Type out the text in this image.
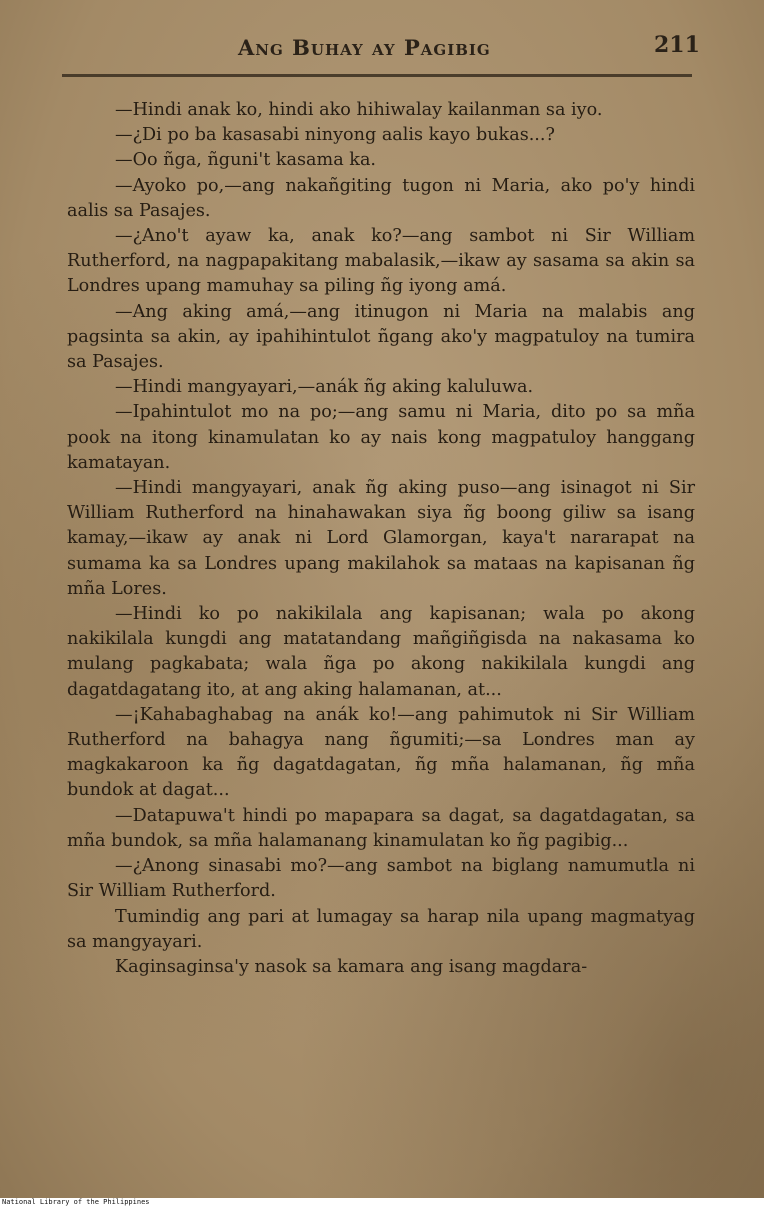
Ang Buhay ay Pagibig	211

—Hindi anak ko, hindi ako hihiwalay kailanman sa iyo.

—¿Di po ba kasasabi ninyong aalis kayo bukas...?

—Oo ñga, ñguni't kasama ka.

—Ayoko po,—ang nakañgiting tugon ni Maria, ako po'y hindi aalis sa Pasajes.

—¿Ano't ayaw ka, anak ko?—ang sambot ni Sir William Rutherford, na nagpapakitang mabalasik,—ikaw ay sasama sa akin sa Londres upang mamuhay sa piling ñg iyong amá.

—Ang aking amá,—ang itinugon ni Maria na malabis ang pagsinta sa akin, ay ipahihintulot ñgang ako'y magpatuloy na tumira sa Pasajes.

—Hindi mangyayari,—anák ñg aking kaluluwa.

—Ipahintulot mo na po;—ang samu ni Maria, dito po sa mña pook na itong kinamulatan ko ay nais kong magpatuloy hanggang kamatayan.

—Hindi mangyayari, anak ñg aking puso—ang isinagot ni Sir William Rutherford na hinahawakan siya ñg boong giliw sa isang kamay,—ikaw ay anak ni Lord Glamorgan, kaya't nararapat na sumama ka sa Londres upang makilahok sa mataas na kapisanan ñg mña Lores.

—Hindi ko po nakikilala ang kapisanan; wala po akong nakikilala kungdi ang matatandang mañgiñgisda na nakasama ko mulang pagkabata; wala ñga po akong nakikilala kungdi ang dagatdagatang ito, at ang aking halamanan, at...

—¡Kahabaghabag na anák ko!—ang pahimutok ni Sir William Rutherford na bahagya nang ñgumiti;—sa Londres man ay magkakaroon ka ñg dagatdagatan, ñg mña halamanan, ñg mña bundok at dagat...

—Datapuwa't hindi po mapapara sa dagat, sa dagatdagatan, sa mña bundok, sa mña halamanang kinamulatan ko ñg pagibig...

—¿Anong sinasabi mo?—ang sambot na biglang namumutla ni Sir William Rutherford.

Tumindig ang pari at lumagay sa harap nila upang magmatyag sa mangyayari.

Kaginsaginsa'y nasok sa kamara ang isang magdara-

National Library of the Philippines
